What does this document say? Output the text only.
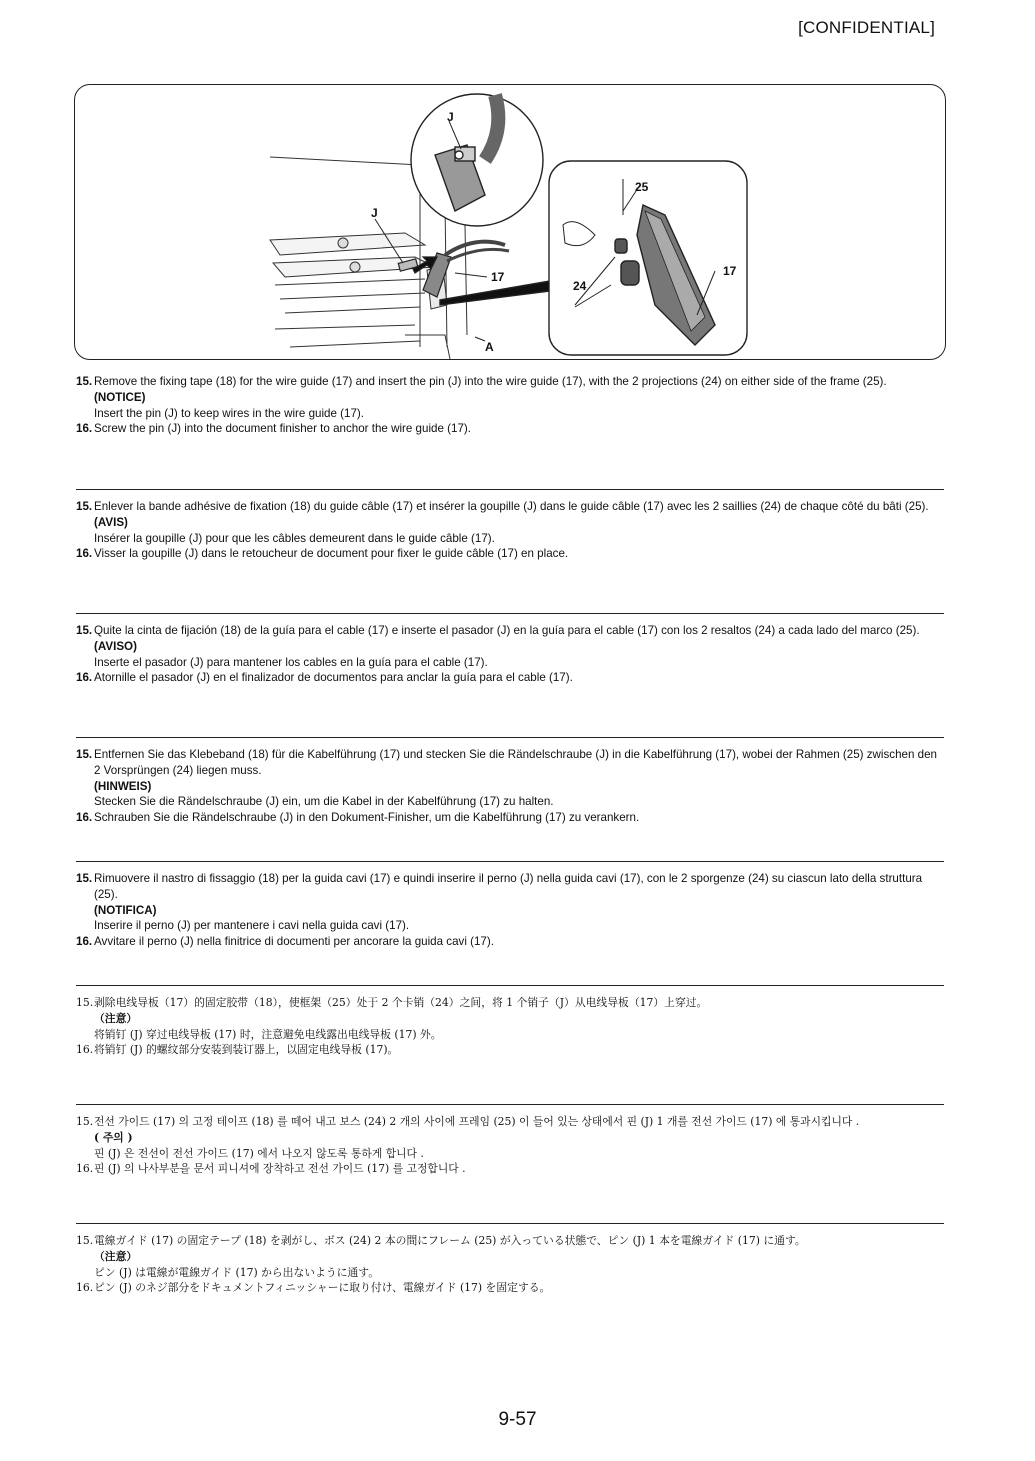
[CONFIDENTIAL]
J
J
17
A
25
24
17
15. Remove the fixing tape (18) for the wire guide (17) and insert the pin (J) into the wire guide (17), with the 2 projections (24) on either side of the frame (25).
(NOTICE)
Insert the pin (J) to keep wires in the wire guide (17).
16. Screw the pin (J) into the document finisher to anchor the wire guide (17).
15. Enlever la bande adhésive de fixation (18) du guide câble (17) et insérer la goupille (J) dans le guide câble (17) avec les 2 saillies (24) de chaque côté du bâti (25).
(AVIS)
Insérer la goupille (J) pour que les câbles demeurent dans le guide câble (17).
16. Visser la goupille (J) dans le retoucheur de document pour fixer le guide câble (17) en place.
15. Quite la cinta de fijación (18) de la guía para el cable (17) e inserte el pasador (J) en la guía para el cable (17) con los 2 resaltos (24) a cada lado del marco (25).
(AVISO)
Inserte el pasador (J) para mantener los cables en la guía para el cable (17).
16. Atornille el pasador (J) en el finalizador de documentos para anclar la guía para el cable (17).
15. Entfernen Sie das Klebeband (18) für die Kabelführung (17) und stecken Sie die Rändelschraube (J) in die Kabelführung (17), wobei der Rahmen (25) zwischen den 2 Vorsprüngen (24) liegen muss.
(HINWEIS)
Stecken Sie die Rändelschraube (J) ein, um die Kabel in der Kabelführung (17) zu halten.
16. Schrauben Sie die Rändelschraube (J) in den Dokument-Finisher, um die Kabelführung (17) zu verankern.
15. Rimuovere il nastro di fissaggio (18) per la guida cavi (17) e quindi inserire il perno (J) nella guida cavi (17), con le 2 sporgenze (24) su ciascun lato della struttura (25).
(NOTIFICA)
Inserire il perno (J) per mantenere i cavi nella guida cavi (17).
16. Avvitare il perno (J) nella finitrice di documenti per ancorare la guida cavi (17).
15. 剥除电线导板（17）的固定胶带（18），使框架（25）处于 2 个卡销（24）之间，将 1 个销子（J）从电线导板（17）上穿过。
（注意）
将销钉 (J) 穿过电线导板 (17) 时，注意避免电线露出电线导板 (17) 外。
16. 将销钉 (J) 的螺纹部分安装到装订器上，以固定电线导板 (17)。
15. 전선 가이드 (17) 의 고정 테이프 (18) 를 떼어 내고 보스 (24) 2 개의 사이에 프레임 (25) 이 들어 있는 상태에서 핀 (J) 1 개를 전선 가이드 (17) 에 통과시킵니다 .
( 주의 )
핀 (J) 은 전선이 전선 가이드 (17) 에서 나오지 않도록 통하게 합니다 .
16. 핀 (J) 의 나사부분을 문서 피니셔에 장착하고 전선 가이드 (17) 를 고정합니다 .
15. 電線ガイド (17) の固定テープ (18) を剥がし、ボス (24) 2 本の間にフレーム (25) が入っている状態で、ピン (J) 1 本を電線ガイド (17) に通す。
（注意）
ピン (J) は電線が電線ガイド (17) から出ないように通す。
16. ピン (J) のネジ部分をドキュメントフィニッシャーに取り付け、電線ガイド (17) を固定する。
9-57
